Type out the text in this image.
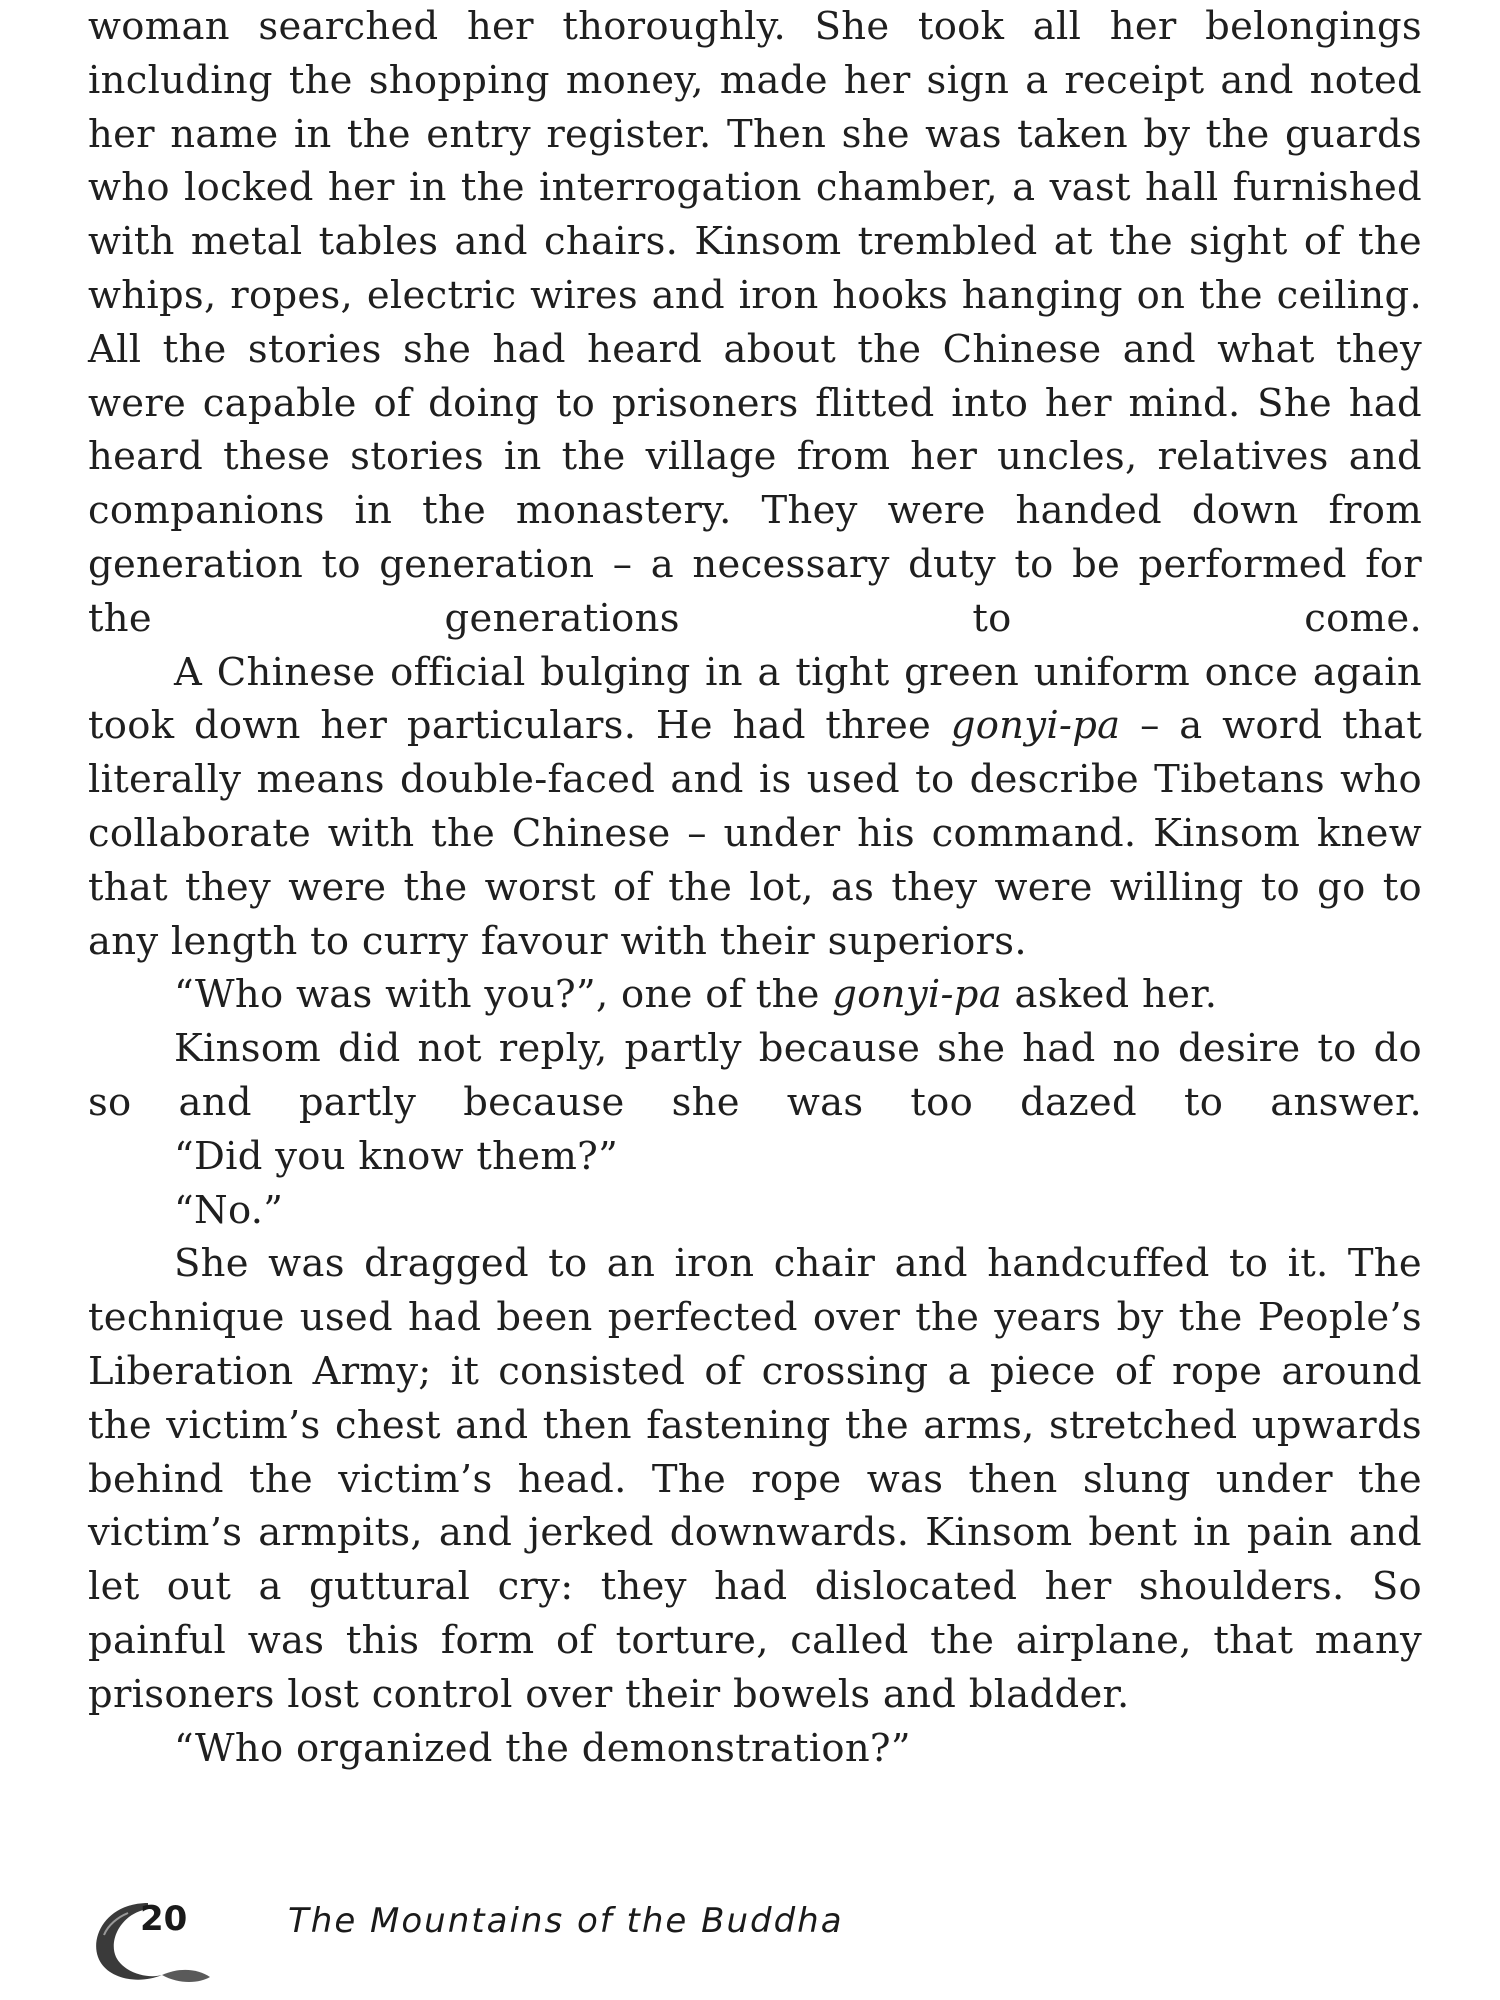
woman searched her thoroughly. She took all her belongings including the shopping money, made her sign a receipt and noted her name in the entry register. Then she was taken by the guards who locked her in the interrogation chamber, a vast hall furnished with metal tables and chairs. Kinsom trembled at the sight of the whips, ropes, electric wires and iron hooks hanging on the ceiling. All the stories she had heard about the Chinese and what they were capable of doing to prisoners flitted into her mind. She had heard these stories in the village from her uncles, relatives and companions in the monastery. They were handed down from generation to generation – a necessary duty to be performed for the generations to come.

A Chinese official bulging in a tight green uniform once again took down her particulars. He had three gonyi-pa – a word that literally means double-faced and is used to describe Tibetans who collaborate with the Chinese – under his command. Kinsom knew that they were the worst of the lot, as they were willing to go to any length to curry favour with their superiors.

“Who was with you?”, one of the gonyi-pa asked her.

Kinsom did not reply, partly because she had no desire to do so and partly because she was too dazed to answer.

“Did you know them?”

“No.”

She was dragged to an iron chair and handcuffed to it. The technique used had been perfected over the years by the People’s Liberation Army; it consisted of crossing a piece of rope around the victim’s chest and then fastening the arms, stretched upwards behind the victim’s head. The rope was then slung under the victim’s armpits, and jerked downwards. Kinsom bent in pain and let out a guttural cry: they had dislocated her shoulders. So painful was this form of torture, called the airplane, that many prisoners lost control over their bowels and bladder.

“Who organized the demonstration?”

20	The Mountains of the Buddha
